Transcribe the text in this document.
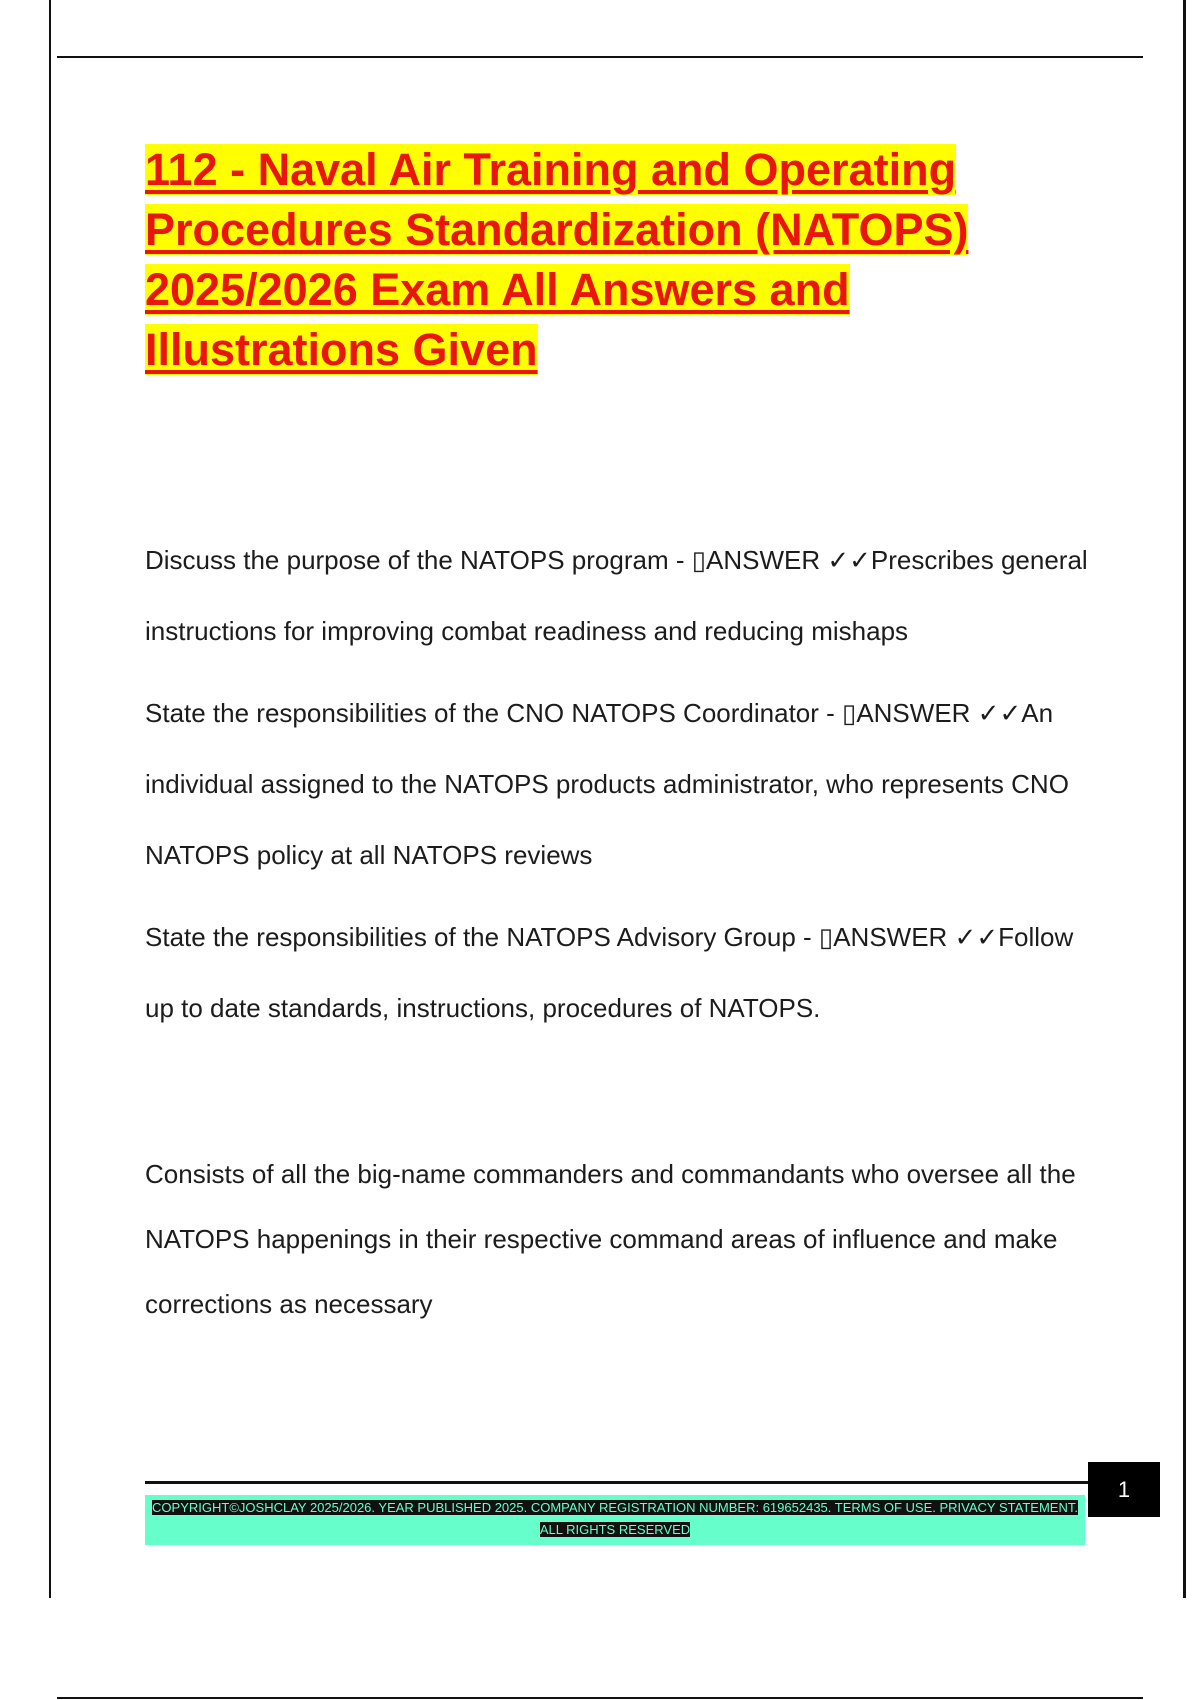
112 - Naval Air Training and Operating Procedures Standardization (NATOPS) 2025/2026 Exam All Answers and Illustrations Given

Discuss the purpose of the NATOPS program - ▯ANSWER ✓✓Prescribes general instructions for improving combat readiness and reducing mishaps

State the responsibilities of the CNO NATOPS Coordinator - ▯ANSWER ✓✓An individual assigned to the NATOPS products administrator, who represents CNO NATOPS policy at all NATOPS reviews

State the responsibilities of the NATOPS Advisory Group - ▯ANSWER ✓✓Follow up to date standards, instructions, procedures of NATOPS.

Consists of all the big-name commanders and commandants who oversee all the NATOPS happenings in their respective command areas of influence and make corrections as necessary

1
COPYRIGHT©JOSHCLAY 2025/2026. YEAR PUBLISHED 2025. COMPANY REGISTRATION NUMBER: 619652435. TERMS OF USE. PRIVACY STATEMENT. ALL RIGHTS RESERVED
